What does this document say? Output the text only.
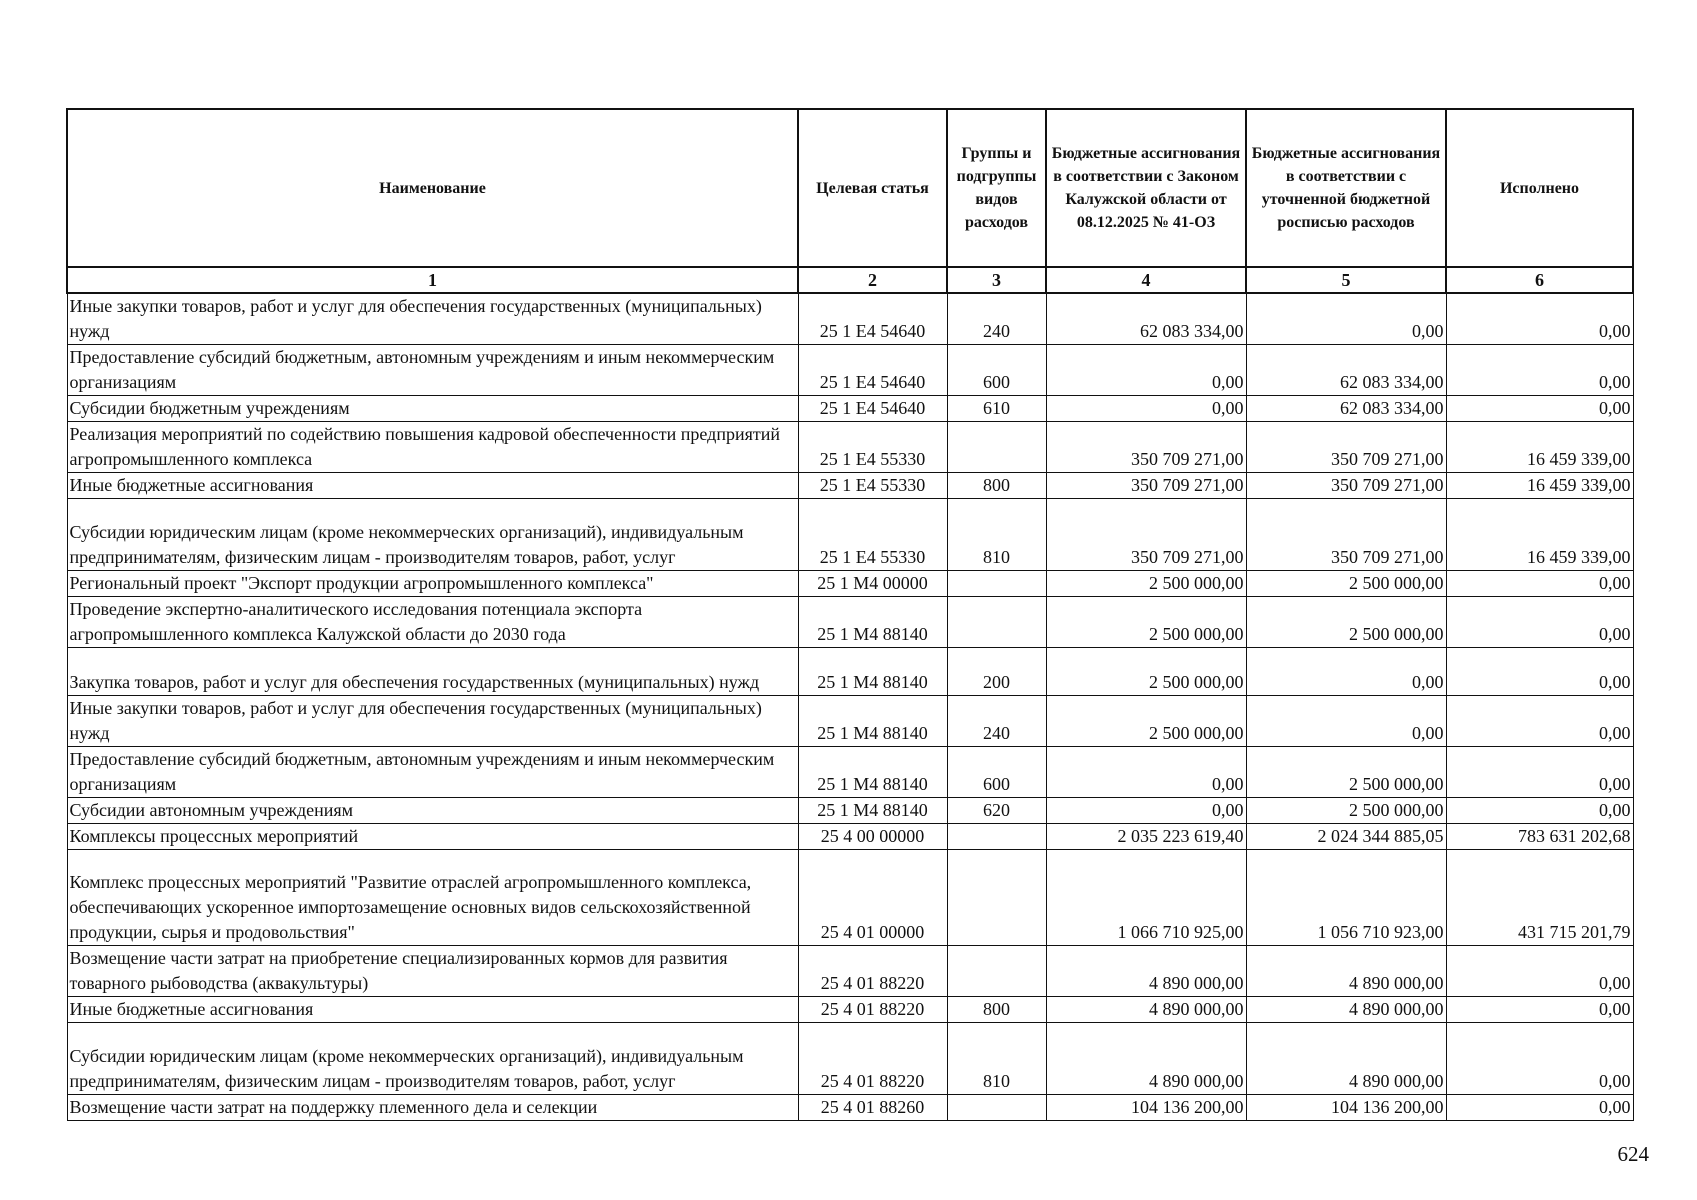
Наименование	Целевая статья	Группы и подгруппы видов расходов	Бюджетные ассигнования в соответствии с Законом Калужской области от 08.12.2025 № 41-ОЗ	Бюджетные ассигнования в соответствии с уточненной бюджетной росписью расходов	Исполнено
1	2	3	4	5	6
Иные закупки товаров, работ и услуг для обеспечения государственных (муниципальных) нужд	25 1 E4 54640	240	62 083 334,00	0,00	0,00
Предоставление субсидий бюджетным, автономным учреждениям и иным некоммерческим организациям	25 1 E4 54640	600	0,00	62 083 334,00	0,00
Субсидии бюджетным учреждениям	25 1 E4 54640	610	0,00	62 083 334,00	0,00
Реализация мероприятий по содействию повышения кадровой обеспеченности предприятий агропромышленного комплекса	25 1 E4 55330		350 709 271,00	350 709 271,00	16 459 339,00
Иные бюджетные ассигнования	25 1 E4 55330	800	350 709 271,00	350 709 271,00	16 459 339,00
Субсидии юридическим лицам (кроме некоммерческих организаций), индивидуальным предпринимателям, физическим лицам - производителям товаров, работ, услуг	25 1 E4 55330	810	350 709 271,00	350 709 271,00	16 459 339,00
Региональный проект "Экспорт продукции агропромышленного комплекса"	25 1 M4 00000		2 500 000,00	2 500 000,00	0,00
Проведение экспертно-аналитического исследования потенциала экспорта агропромышленного комплекса Калужской области до 2030 года	25 1 M4 88140		2 500 000,00	2 500 000,00	0,00
Закупка товаров, работ и услуг для обеспечения государственных (муниципальных) нужд	25 1 M4 88140	200	2 500 000,00	0,00	0,00
Иные закупки товаров, работ и услуг для обеспечения государственных (муниципальных) нужд	25 1 M4 88140	240	2 500 000,00	0,00	0,00
Предоставление субсидий бюджетным, автономным учреждениям и иным некоммерческим организациям	25 1 M4 88140	600	0,00	2 500 000,00	0,00
Субсидии автономным учреждениям	25 1 M4 88140	620	0,00	2 500 000,00	0,00
Комплексы процессных мероприятий	25 4 00 00000		2 035 223 619,40	2 024 344 885,05	783 631 202,68
Комплекс процессных мероприятий "Развитие отраслей агропромышленного комплекса, обеспечивающих ускоренное импортозамещение основных видов сельскохозяйственной продукции, сырья и продовольствия"	25 4 01 00000		1 066 710 925,00	1 056 710 923,00	431 715 201,79
Возмещение части затрат на приобретение специализированных кормов для развития товарного рыбоводства (аквакультуры)	25 4 01 88220		4 890 000,00	4 890 000,00	0,00
Иные бюджетные ассигнования	25 4 01 88220	800	4 890 000,00	4 890 000,00	0,00
Субсидии юридическим лицам (кроме некоммерческих организаций), индивидуальным предпринимателям, физическим лицам - производителям товаров, работ, услуг	25 4 01 88220	810	4 890 000,00	4 890 000,00	0,00
Возмещение части затрат на поддержку племенного дела и селекции	25 4 01 88260		104 136 200,00	104 136 200,00	0,00
624
